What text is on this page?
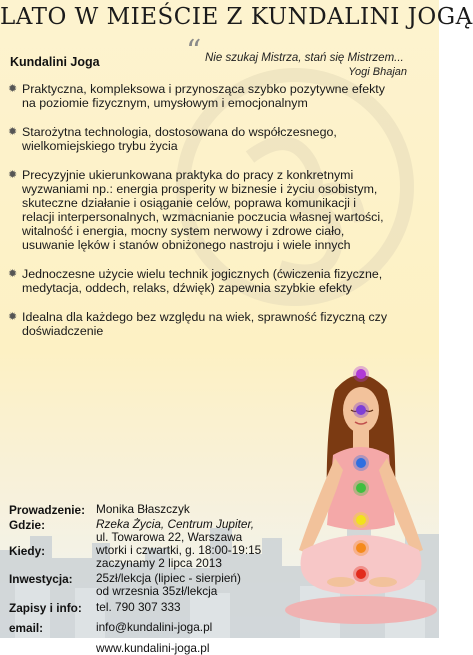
LATO W MIEŚCIE Z KUNDALINI JOGĄ
Kundalini Joga	“ Nie szukaj Mistrza, stań się Mistrzem...
Yogi Bhajan
✹ Praktyczna, kompleksowa i przynosząca szybko pozytywne efekty
na poziomie fizycznym, umysłowym i emocjonalnym
✹ Starożytna technologia, dostosowana do współczesnego,
wielkomiejskiego trybu życia
✹ Precyzyjnie ukierunkowana praktyka do pracy z konkretnymi
wyzwaniami np.: energia prosperity w biznesie i życiu osobistym,
skuteczne działanie i osiąganie celów, poprawa komunikacji i
relacji interpersonalnych, wzmacnianie poczucia własnej wartości,
witalność i energia, mocny system nerwowy i zdrowe ciało,
usuwanie lęków i stanów obniżonego nastroju i wiele innych
✹ Jednoczesne użycie wielu technik jogicznych (ćwiczenia fizyczne,
medytacja, oddech, relaks, dźwięk) zapewnia szybkie efekty
✹ Idealna dla każdego bez względu na wiek, sprawność fizyczną czy
doświadczenie
Prowadzenie: Monika Błaszczyk
Gdzie:	Rzeka Życia, Centrum Jupiter,
ul. Towarowa 22, Warszawa
Kiedy:	wtorki i czwartki, g. 18:00-19:15
zaczynamy 2 lipca 2013
Inwestycja: 25zł/lekcja (lipiec - sierpień)
od wrzesnia 35zł/lekcja
Zapisy i info: tel. 790 307 333
email:	info@kundalini-joga.pl
www.kundalini-joga.pl
